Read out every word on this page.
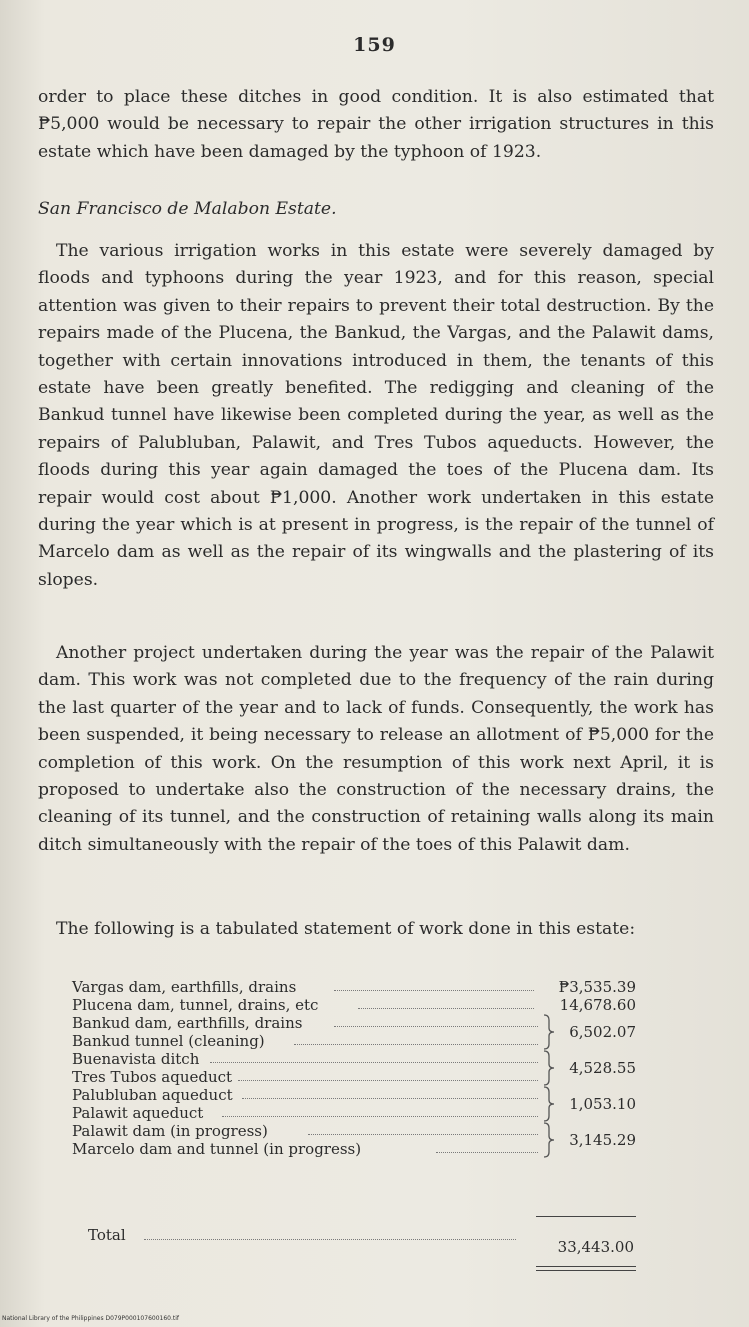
159
order to place these ditches in good condition. It is also estimated that ₱5,000 would be necessary to repair the other irrigation structures in this estate which have been damaged by the typhoon of 1923.
San Francisco de Malabon Estate.
The various irrigation works in this estate were severely damaged by floods and typhoons during the year 1923, and for this reason, special attention was given to their repairs to prevent their total destruction. By the repairs made of the Plucena, the Bankud, the Vargas, and the Palawit dams, together with certain innovations introduced in them, the tenants of this estate have been greatly benefited. The redigging and cleaning of the Bankud tunnel have likewise been completed during the year, as well as the repairs of Palubluban, Palawit, and Tres Tubos aqueducts. However, the floods during this year again damaged the toes of the Plucena dam. Its repair would cost about ₱1,000. Another work undertaken in this estate during the year which is at present in progress, is the repair of the tunnel of Marcelo dam as well as the repair of its wingwalls and the plastering of its slopes.
Another project undertaken during the year was the repair of the Palawit dam. This work was not completed due to the frequency of the rain during the last quarter of the year and to lack of funds. Consequently, the work has been suspended, it being necessary to release an allotment of ₱5,000 for the completion of this work. On the resumption of this work next April, it is proposed to undertake also the construction of the necessary drains, the cleaning of its tunnel, and the construction of retaining walls along its main ditch simultaneously with the repair of the toes of this Palawit dam.
The following is a tabulated statement of work done in this estate:
Vargas dam, earthfills, drains	₱3,535.39
Plucena dam, tunnel, drains, etc	14,678.60
Bankud dam, earthfills, drains
Bankud tunnel (cleaning)
Buenavista ditch
Tres Tubos aqueduct
Palubluban aqueduct
Palawit aqueduct
Palawit dam (in progress)
Marcelo dam and tunnel (in progress)
6,502.07
4,528.55
1,053.10
3,145.29
Total
33,443.00
National Library of the Philippines D079P000107600160.tif
